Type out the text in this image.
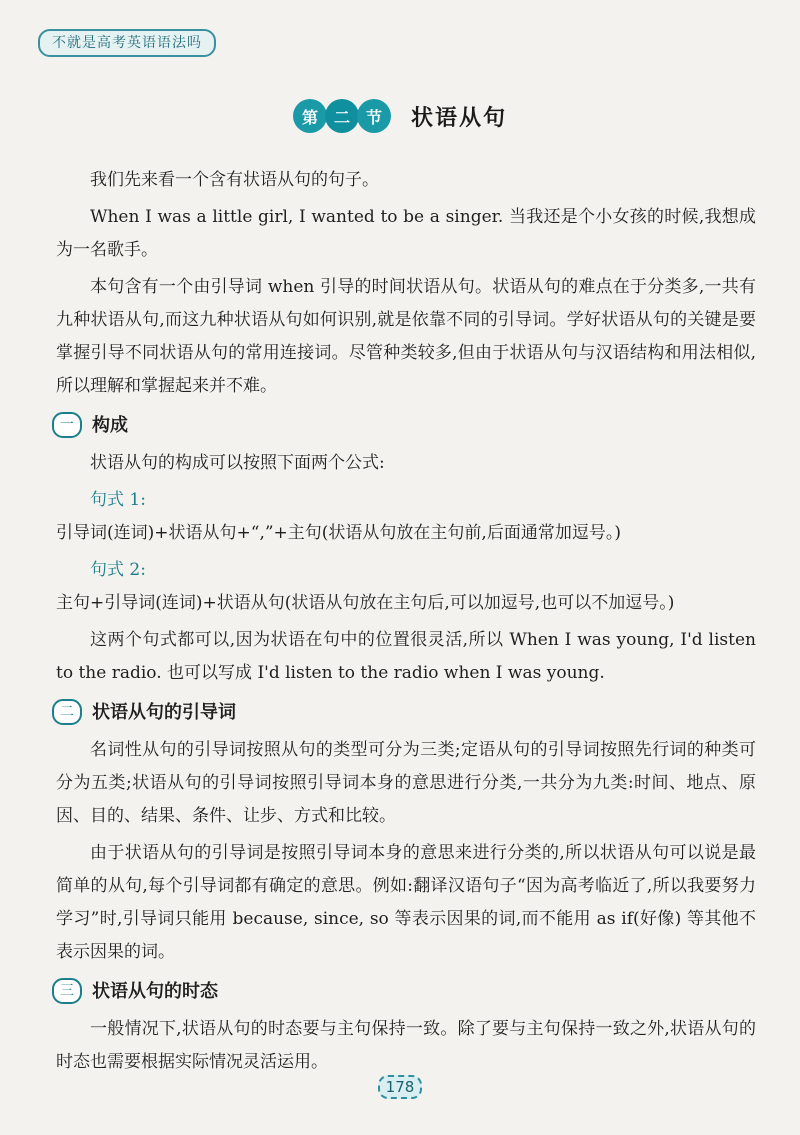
不就是高考英语语法吗
第 二 节	状语从句

我们先来看一个含有状语从句的句子。

When I was a little girl, I wanted to be a singer. 当我还是个小女孩的时候,我想成为一名歌手。

本句含有一个由引导词 when 引导的时间状语从句。状语从句的难点在于分类多,一共有九种状语从句,而这九种状语从句如何识别,就是依靠不同的引导词。学好状语从句的关键是要掌握引导不同状语从句的常用连接词。尽管种类较多,但由于状语从句与汉语结构和用法相似,所以理解和掌握起来并不难。

一	构成

状语从句的构成可以按照下面两个公式:

句式 1:

引导词(连词)+状语从句+“,”+主句(状语从句放在主句前,后面通常加逗号。)

句式 2:

主句+引导词(连词)+状语从句(状语从句放在主句后,可以加逗号,也可以不加逗号。)

这两个句式都可以,因为状语在句中的位置很灵活,所以 When I was young, I'd listen to the radio. 也可以写成 I'd listen to the radio when I was young.

二	状语从句的引导词

名词性从句的引导词按照从句的类型可分为三类;定语从句的引导词按照先行词的种类可分为五类;状语从句的引导词按照引导词本身的意思进行分类,一共分为九类:时间、地点、原因、目的、结果、条件、让步、方式和比较。

由于状语从句的引导词是按照引导词本身的意思来进行分类的,所以状语从句可以说是最简单的从句,每个引导词都有确定的意思。例如:翻译汉语句子“因为高考临近了,所以我要努力学习”时,引导词只能用 because, since, so 等表示因果的词,而不能用 as if(好像) 等其他不表示因果的词。

三	状语从句的时态

一般情况下,状语从句的时态要与主句保持一致。除了要与主句保持一致之外,状语从句的时态也需要根据实际情况灵活运用。

178
